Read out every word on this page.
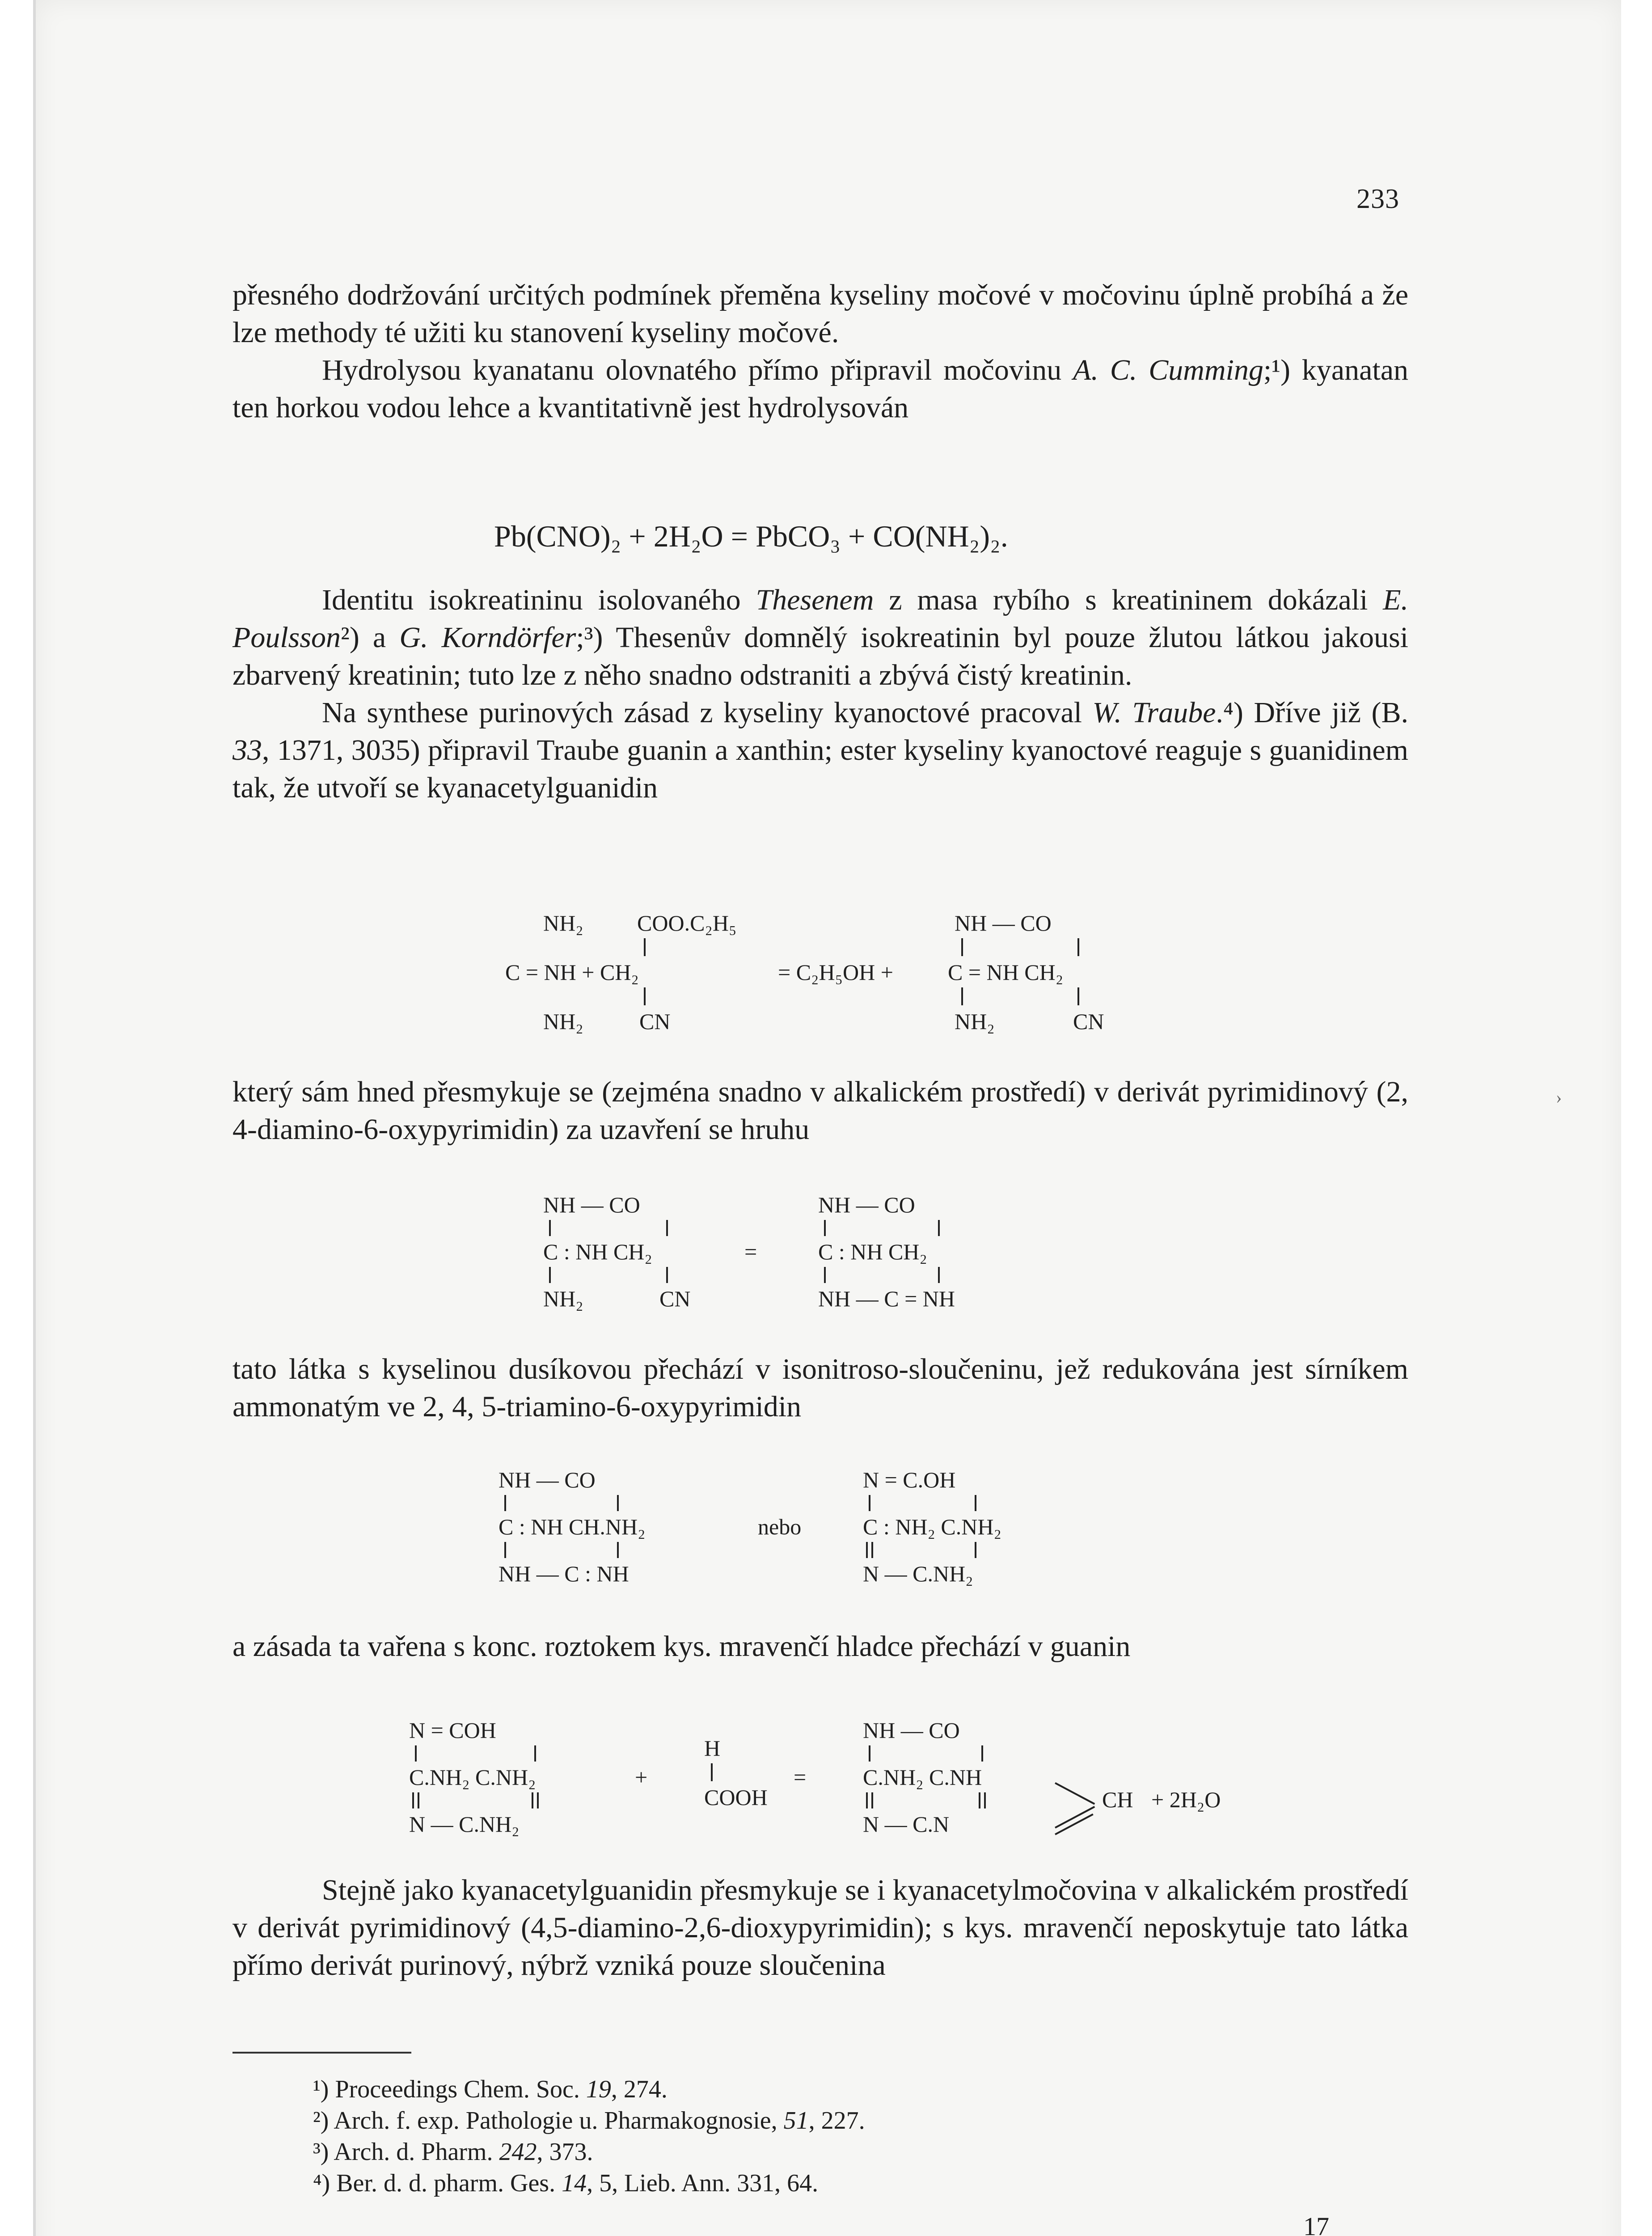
233

přesného dodržování určitých podmínek přeměna kyseliny močové v močovinu úplně probíhá a že lze methody té užiti ku stanovení kyseliny močové.

Hydrolysou kyanatanu olovnatého přímo připravil močovinu A. C. Cumming;¹) kyanatan ten horkou vodou lehce a kvantitativně jest hydrolysován

Pb(CNO)₂ + 2H₂O = PbCO₃ + CO(NH₂)₂.

Identitu isokreatininu isolovaného Thesenem z masa rybího s kreatininem dokázali E. Poulsson²) a G. Korndörfer;³) Thesenův domnělý isokreatinin byl pouze žlutou látkou jakousi zbarvený kreatinin; tuto lze z něho snadno odstraniti a zbývá čistý kreatinin.

Na synthese purinových zásad z kyseliny kyanoctové pracoval W. Traube.⁴) Dříve již (B. 33, 1371, 3035) připravil Traube guanin a xanthin; ester kyseliny kyanoctové reaguje s guanidinem tak, že utvoří se kyanacetylguanidin

NH₂ COO.C₂H₅
C = NH + CH₂
NH₂	CN
= C₂H₅OH +
NH — CO
C = NH CH₂
NH₂	CN

který sám hned přesmykuje se (zejména snadno v alkalickém prostředí) v derivát pyrimidinový (2, 4-diamino-6-oxypyrimidin) za uzavření se hruhu

NH — CO
C : NH CH₂
NH₂	CN
=
NH — CO
C : NH CH₂
NH — C = NH

tato látka s kyselinou dusíkovou přechází v isonitroso-sloučeninu, jež redukována jest sírníkem ammonatým ve 2, 4, 5-triamino-6-oxypyrimidin

NH — CO
C : NH CH.NH₂
NH — C : NH
nebo
N = C.OH
C : NH₂ C.NH₂
N — C.NH₂

a zásada ta vařena s konc. roztokem kys. mravenčí hladce přechází v guanin

N = COH
C.NH₂ C.NH₂
N — C.NH₂
+
H
COOH
=
NH — CO
C.NH₂ C.NH
N — C.N
CH + 2H₂O

Stejně jako kyanacetylguanidin přesmykuje se i kyanacetylmočovina v alkalickém prostředí v derivát pyrimidinový (4,5-diamino-2,6-dioxypyrimidin); s kys. mravenčí neposkytuje tato látka přímo derivát purinový, nýbrž vzniká pouze sloučenina

¹) Proceedings Chem. Soc. 19, 274.
²) Arch. f. exp. Pathologie u. Pharmakognosie, 51, 227.
³) Arch. d. Pharm. 242, 373.
⁴) Ber. d. d. pharm. Ges. 14, 5, Lieb. Ann. 331, 64.
17
›
